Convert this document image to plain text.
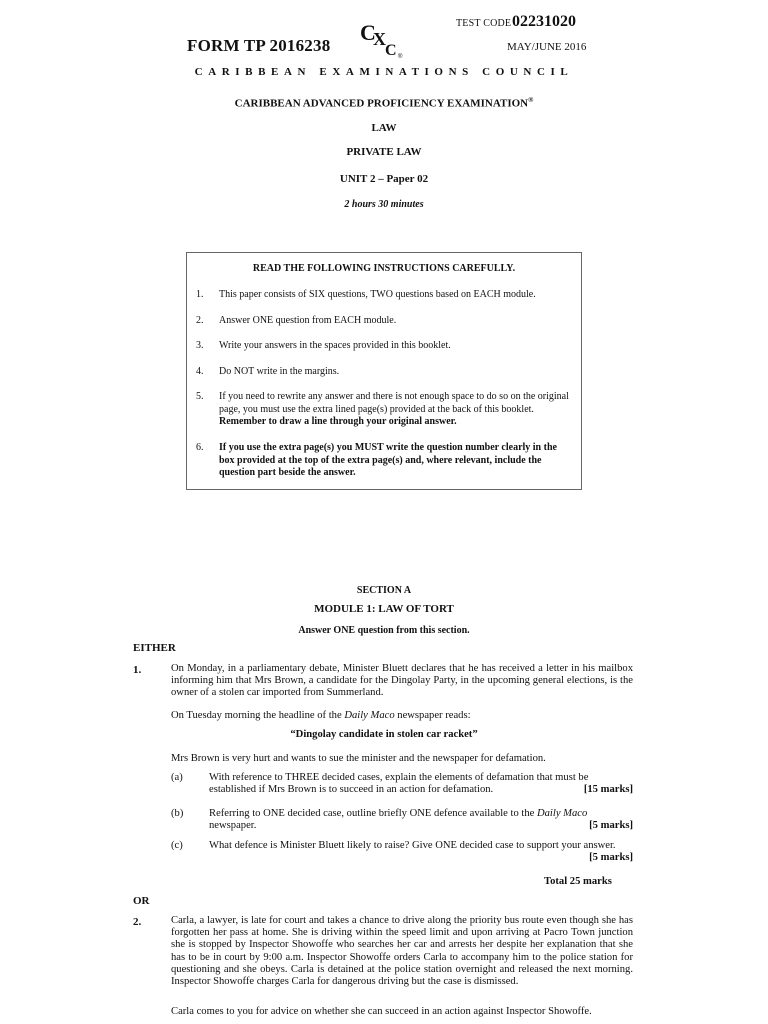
FORM TP 2016238
C
X
C ®
TEST CODE 02231020
MAY/JUNE 2016
CARIBBEAN EXAMINATIONS COUNCIL
CARIBBEAN ADVANCED PROFICIENCY EXAMINATION®
LAW
PRIVATE LAW
UNIT 2 – Paper 02
2 hours 30 minutes
READ THE FOLLOWING INSTRUCTIONS CAREFULLY.
1. This paper consists of SIX questions, TWO questions based on EACH module.
2. Answer ONE question from EACH module.
3. Write your answers in the spaces provided in this booklet.
4. Do NOT write in the margins.
5. If you need to rewrite any answer and there is not enough space to do so on the original page, you must use the extra lined page(s) provided at the back of this booklet. Remember to draw a line through your original answer.
6. If you use the extra page(s) you MUST write the question number clearly in the box provided at the top of the extra page(s) and, where relevant, include the question part beside the answer.
SECTION A
MODULE 1: LAW OF TORT
Answer ONE question from this section.
EITHER
1.	On Monday, in a parliamentary debate, Minister Bluett declares that he has received a letter in his mailbox informing him that Mrs Brown, a candidate for the Dingolay Party, in the upcoming general elections, is the owner of a stolen car imported from Summerland.
On Tuesday morning the headline of the Daily Maco newspaper reads:
“Dingolay candidate in stolen car racket”
Mrs Brown is very hurt and wants to sue the minister and the newspaper for defamation.
(a) With reference to THREE decided cases, explain the elements of defamation that must be established if Mrs Brown is to succeed in an action for defamation.	[15 marks]
(b) Referring to ONE decided case, outline briefly ONE defence available to the Daily Maco newspaper.	[5 marks]
(c) What defence is Minister Bluett likely to raise? Give ONE decided case to support your answer.
[5 marks]
Total 25 marks
OR
2.	Carla, a lawyer, is late for court and takes a chance to drive along the priority bus route even though she has forgotten her pass at home. She is driving within the speed limit and upon arriving at Pacro Town junction she is stopped by Inspector Showoffe who searches her car and arrests her despite her explanation that she has to be in court by 9:00 a.m. Inspector Showoffe orders Carla to accompany him to the police station for questioning and she obeys. Carla is detained at the police station overnight and released the next morning. Inspector Showoffe charges Carla for dangerous driving but the case is dismissed.
Carla comes to you for advice on whether she can succeed in an action against Inspector Showoffe.
